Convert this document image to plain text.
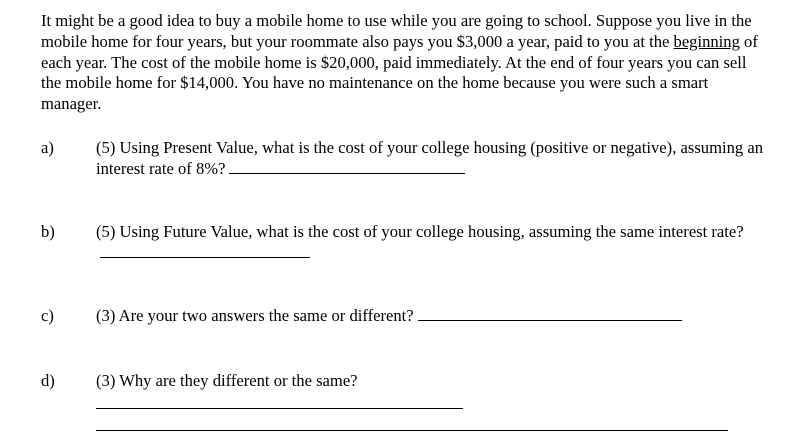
It might be a good idea to buy a mobile home to use while you are going to school. Suppose you live in the mobile home for four years, but your roommate also pays you $3,000 a year, paid to you at the beginning of each year. The cost of the mobile home is $20,000, paid immediately. At the end of four years you can sell the mobile home for $14,000. You have no maintenance on the home because you were such a smart manager.

a)	(5) Using Present Value, what is the cost of your college housing (positive or negative), assuming an interest rate of 8%?
b) (5) Using Future Value, what is the cost of your college housing, assuming the same interest rate?
c)	(3) Are your two answers the same or different?
d) (3) Why are they different or the same?
